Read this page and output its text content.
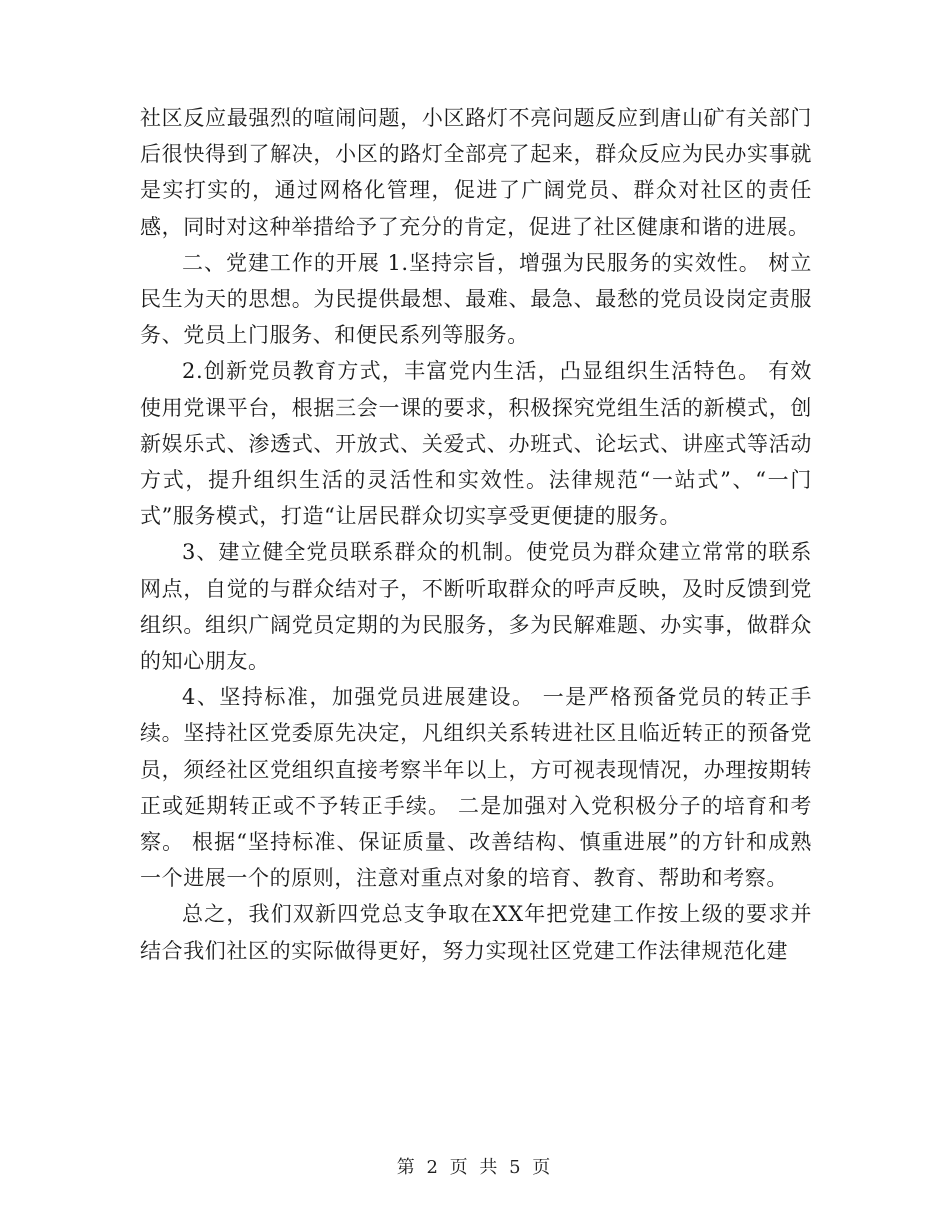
社区反应最强烈的喧闹问题，小区路灯不亮问题反应到唐山矿有关部门后很快得到了解决，小区的路灯全部亮了起来，群众反应为民办实事就是实打实的，通过网格化管理，促进了广阔党员、群众对社区的责任感，同时对这种举措给予了充分的肯定，促进了社区健康和谐的进展。

二、党建工作的开展 1.坚持宗旨，增强为民服务的实效性。 树立民生为天的思想。为民提供最想、最难、最急、最愁的党员设岗定责服务、党员上门服务、和便民系列等服务。

2.创新党员教育方式，丰富党内生活，凸显组织生活特色。 有效使用党课平台，根据三会一课的要求，积极探究党组生活的新模式，创新娱乐式、渗透式、开放式、关爱式、办班式、论坛式、讲座式等活动方式，提升组织生活的灵活性和实效性。法律规范“一站式”、“一门式”服务模式，打造“让居民群众切实享受更便捷的服务。

3、建立健全党员联系群众的机制。使党员为群众建立常常的联系网点，自觉的与群众结对子，不断听取群众的呼声反映，及时反馈到党组织。组织广阔党员定期的为民服务，多为民解难题、办实事，做群众的知心朋友。

4、坚持标准，加强党员进展建设。 一是严格预备党员的转正手续。坚持社区党委原先决定，凡组织关系转进社区且临近转正的预备党员，须经社区党组织直接考察半年以上，方可视表现情况，办理按期转正或延期转正或不予转正手续。 二是加强对入党积极分子的培育和考察。 根据“坚持标准、保证质量、改善结构、慎重进展”的方针和成熟一个进展一个的原则，注意对重点对象的培育、教育、帮助和考察。

总之，我们双新四党总支争取在XX年把党建工作按上级的要求并结合我们社区的实际做得更好，努力实现社区党建工作法律规范化建

第 2 页 共 5 页
